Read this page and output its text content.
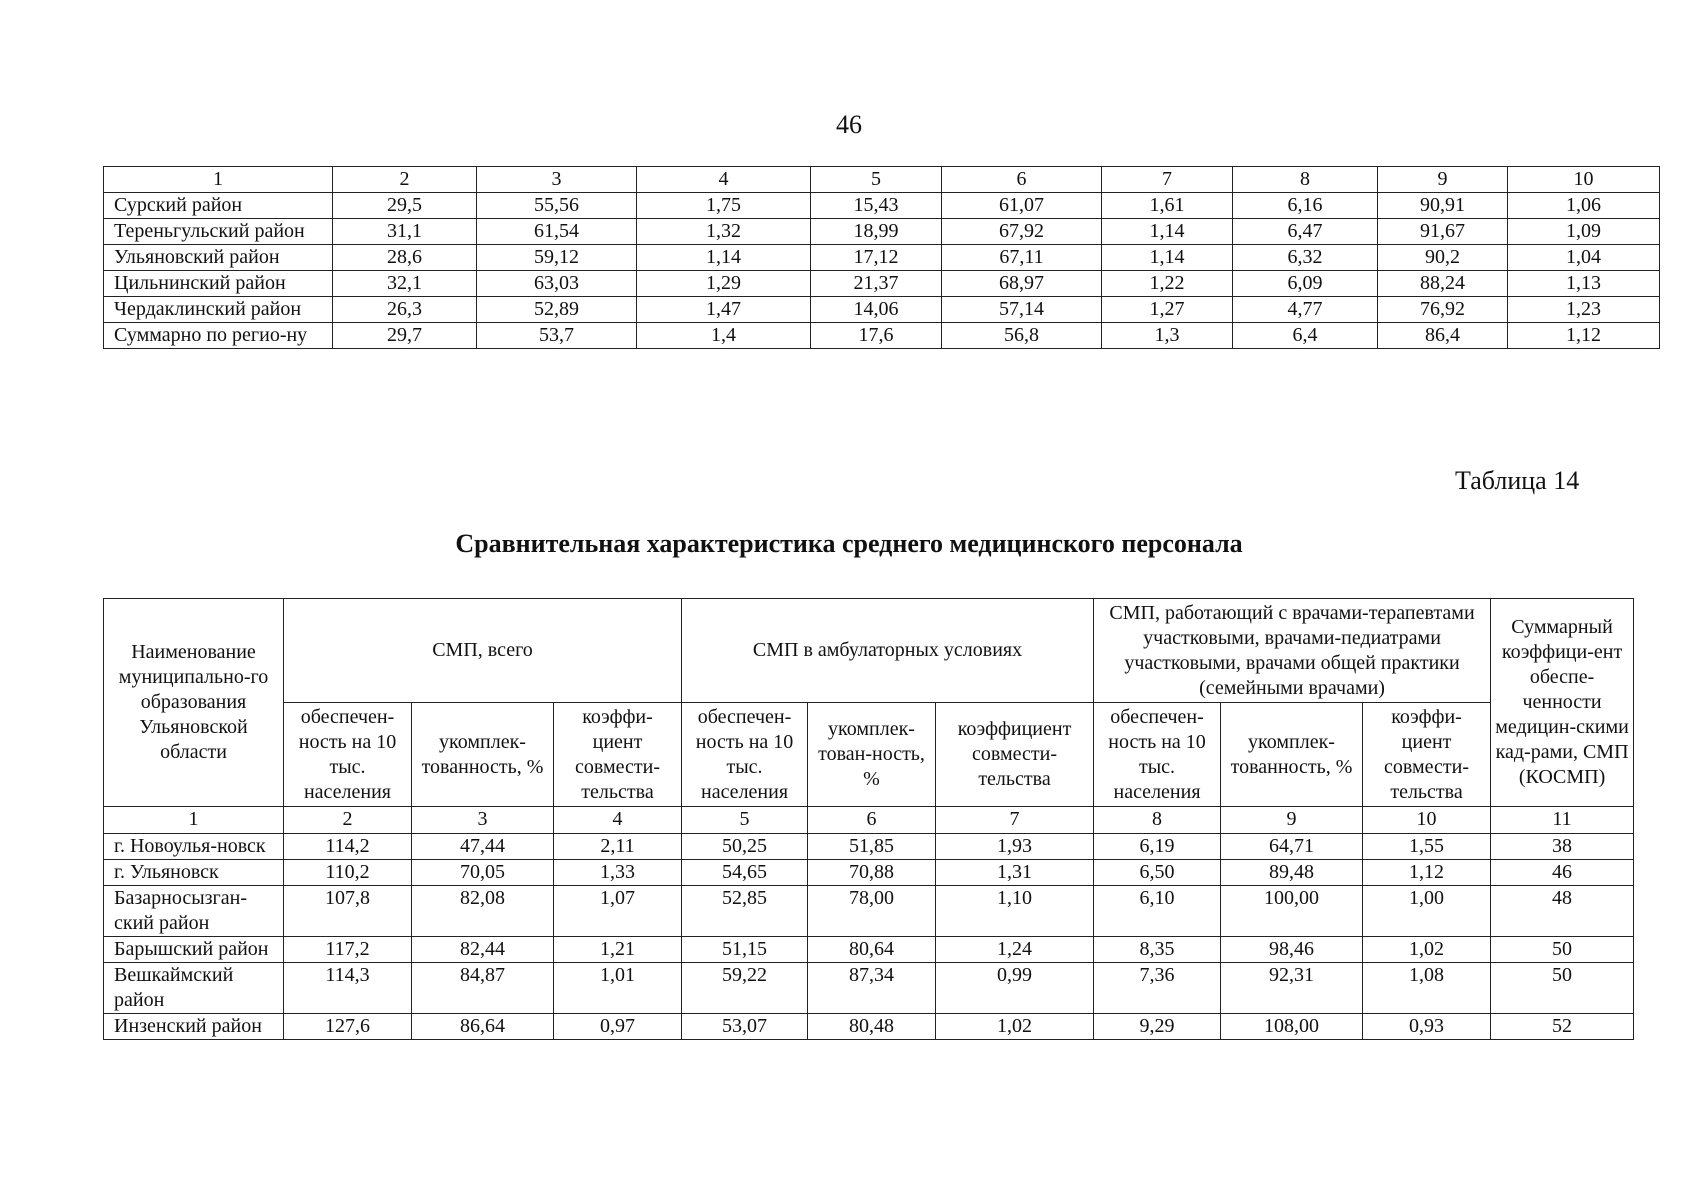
46
1	2	3	4	5	6	7	8	9	10
Сурский район	29,5	55,56	1,75	15,43	61,07	1,61	6,16	90,91	1,06
Тереньгульский район	31,1	61,54	1,32	18,99	67,92	1,14	6,47	91,67	1,09
Ульяновский район	28,6	59,12	1,14	17,12	67,11	1,14	6,32	90,2	1,04
Цильнинский район	32,1	63,03	1,29	21,37	68,97	1,22	6,09	88,24	1,13
Чердаклинский район	26,3	52,89	1,47	14,06	57,14	1,27	4,77	76,92	1,23
Суммарно по регио-ну	29,7	53,7	1,4	17,6	56,8	1,3	6,4	86,4	1,12
Таблица 14
Сравнительная характеристика среднего медицинского персонала
Наименование муниципально-го образования Ульяновской области	СМП, всего			СМП в амбулаторных условиях			СМП, работающий с врачами-терапевтами участковыми, врачами-педиатрами участковыми, врачами общей практики (семейными врачами)			Суммарный коэффици-ент обеспе-ченности медицин-скими кад-рами, СМП (КОСМП)
	обеспечен-ность на 10 тыс. населения	укомплек-тованность, %	коэффи-циент совмести-тельства	обеспечен-ность на 10 тыс. населения	укомплек-тован-ность, %	коэффициент совмести-тельства	обеспечен-ность на 10 тыс. населения	укомплек-тованность, %	коэффи-циент совмести-тельства	
1	2	3	4	5	6	7	8	9	10	11
г. Новоулья-новск	114,2	47,44	2,11	50,25	51,85	1,93	6,19	64,71	1,55	38
г. Ульяновск	110,2	70,05	1,33	54,65	70,88	1,31	6,50	89,48	1,12	46
Базарносызган-ский район	107,8	82,08	1,07	52,85	78,00	1,10	6,10	100,00	1,00	48
Барышский район	117,2	82,44	1,21	51,15	80,64	1,24	8,35	98,46	1,02	50
Вешкаймский район	114,3	84,87	1,01	59,22	87,34	0,99	7,36	92,31	1,08	50
Инзенский район	127,6	86,64	0,97	53,07	80,48	1,02	9,29	108,00	0,93	52
